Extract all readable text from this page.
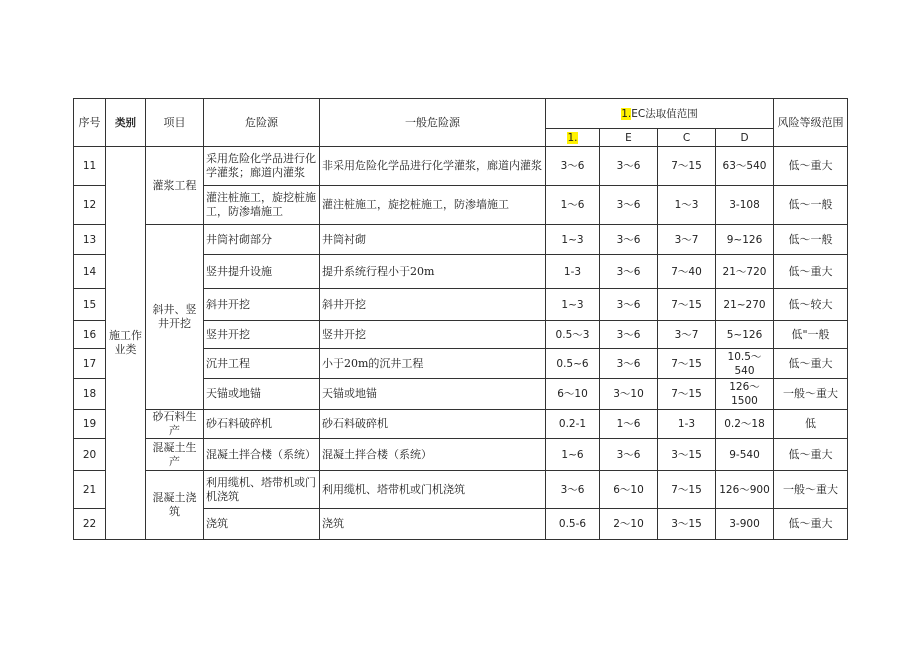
序号	类别	项目	危险源	一般危险源	1.EC法取值范围				风险等级范围
					1.	E	C	D	
11	施工作业类	灌浆工程	采用危险化学品进行化学灌浆；廊道内灌浆	非采用危险化学品进行化学灌浆，廊道内灌浆	3～6	3～6	7～15	63～540	低～重大
12			灌注桩施工，旋挖桩施工，防渗墙施工	灌注桩施工，旋挖桩施工，防渗墙施工	1～6	3～6	1～3	3-108	低～一般
13		斜井、竖井开挖	井筒衬砌部分	井筒衬砌	1~3	3～6	3～7	9~126	低～一般
14			竖井提升设施	提升系统行程小于20m	1-3	3～6	7～40	21～720	低～重大
15			斜井开挖	斜井开挖	1~3	3～6	7～15	21~270	低～较大
16			竖井开挖	竖井开挖	0.5～3	3～6	3～7	5~126	低"一般
17			沉井工程	小于20m的沉井工程	0.5~6	3～6	7～15	10.5～540	低～重大
18			天锚或地锚	天锚或地锚	6～10	3～10	7～15	126～1500	一般～重大
19		砂石料生产	砂石料破碎机	砂石料破碎机	0.2-1	1～6	1-3	0.2～18	低
20		混凝土生产	混凝土拌合楼（系统）	混凝土拌合楼（系统）	1~6	3～6	3～15	9-540	低～重大
21		混凝土浇筑	利用缆机、塔带机或门机浇筑	利用缆机、塔带机或门机浇筑	3～6	6～10	7～15	126～900	一般～重大
22			浇筑	浇筑	0.5-6	2～10	3～15	3-900	低～重大
